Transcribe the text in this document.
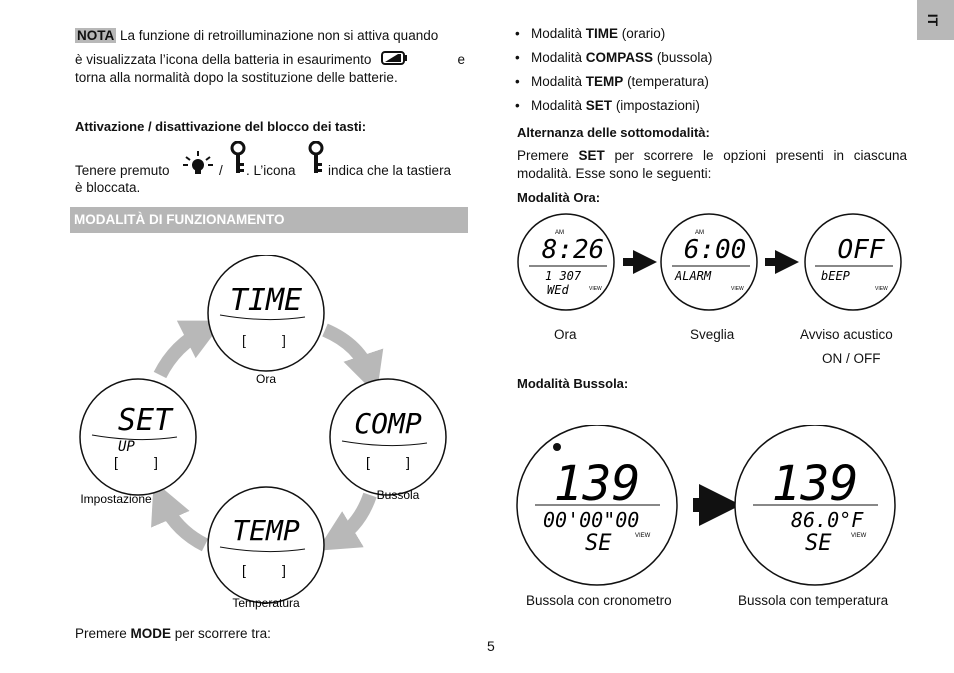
IT
NOTA La funzione di retroilluminazione non si attiva quando
è visualizzata l’icona della batteria in esaurimento	e
torna alla normalità dopo la sostituzione delle batterie.
Attivazione / disattivazione del blocco dei tasti:
Tenere premuto	/ . L’icona indica che la tastiera
è bloccata.
MODALITÀ DI FUNZIONAMENTO
TIME
[	]
Ora
COMP
[	]
Bussola
TEMP
[	]
Temperatura
SET
UP
[	]
Impostazione
Premere MODE per scorrere tra:
5
•   Modalità TIME (orario)
•   Modalità COMPASS (bussola)
•   Modalità TEMP (temperatura)
•   Modalità SET (impostazioni)
Alternanza delle sottomodalità:
Premere SET per scorrere le opzioni presenti in ciascuna
modalità. Esse sono le seguenti:
Modalità Ora:
AM
8:26
1 307
WEd	VIEW
AM
6:00
ALARM
VIEW
OFF
bEEP
VIEW
Ora	Sveglia	Avviso acustico
ON / OFF
Modalità Bussola:
139
00'00"00
SE	VIEW
139
86.0°F
SE	VIEW
Bussola con cronometro	Bussola con temperatura
